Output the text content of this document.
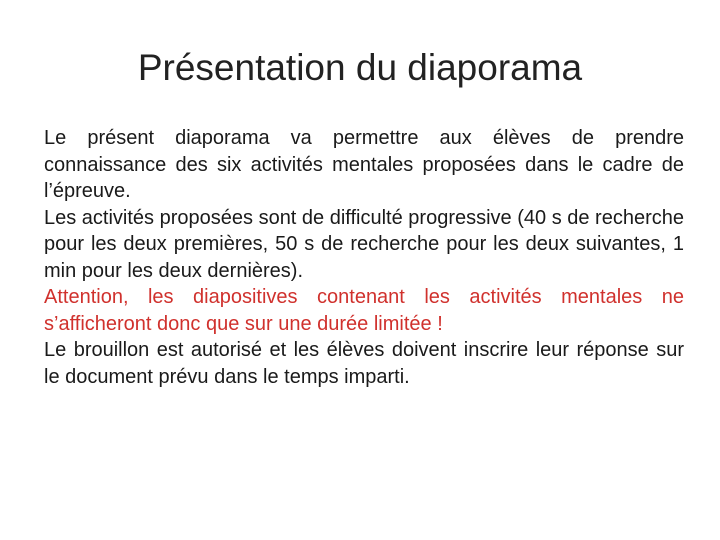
Présentation du diaporama

Le présent diaporama va permettre aux élèves de prendre connaissance des six activités mentales proposées dans le cadre de l’épreuve.

Les activités proposées sont de difficulté progressive (40 s de recherche pour les deux premières, 50 s de recherche pour les deux suivantes, 1 min pour les deux dernières).

Attention, les diapositives contenant les activités mentales ne s’afficheront donc que sur une durée limitée !

Le brouillon est autorisé et les élèves doivent inscrire leur réponse sur le document prévu dans le temps imparti.
